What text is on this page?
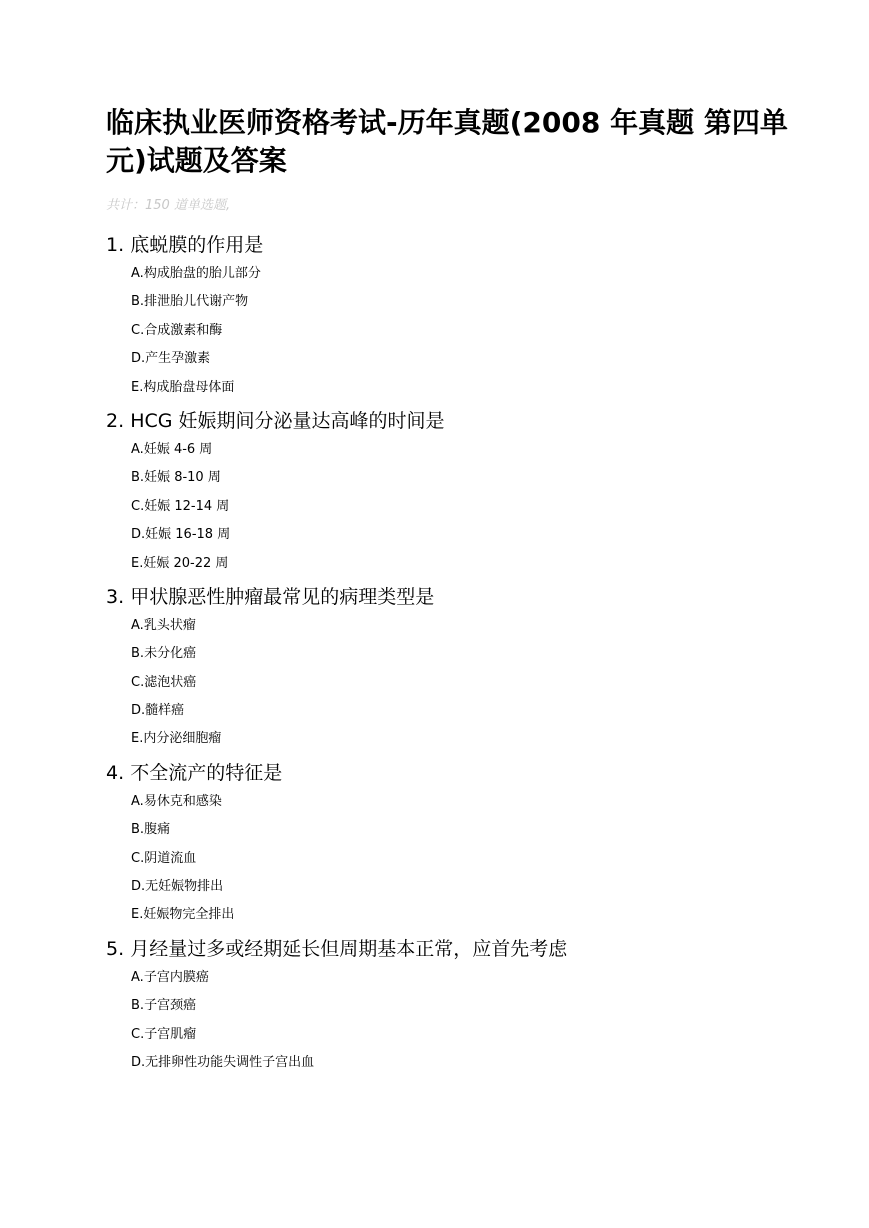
临床执业医师资格考试-历年真题(2008 年真题 第四单元)试题及答案
共计：150 道单选题,
1 . 底蜕膜的作用是
A . 构成胎盘的胎儿部分
B . 排泄胎儿代谢产物
C . 合成激素和酶
D . 产生孕激素
E . 构成胎盘母体面
2 . HCG 妊娠期间分泌量达高峰的时间是
A . 妊娠 4-6 周
B . 妊娠 8-10 周
C . 妊娠 12-14 周
D . 妊娠 16-18 周
E . 妊娠 20-22 周
3 . 甲状腺恶性肿瘤最常见的病理类型是
A . 乳头状瘤
B . 未分化癌
C . 滤泡状癌
D . 髓样癌
E . 内分泌细胞瘤
4 . 不全流产的特征是
A . 易休克和感染
B . 腹痛
C . 阴道流血
D . 无妊娠物排出
E . 妊娠物完全排出
5 . 月经量过多或经期延长但周期基本正常，应首先考虑
A . 子宫内膜癌
B . 子宫颈癌
C . 子宫肌瘤
D . 无排卵性功能失调性子宫出血
